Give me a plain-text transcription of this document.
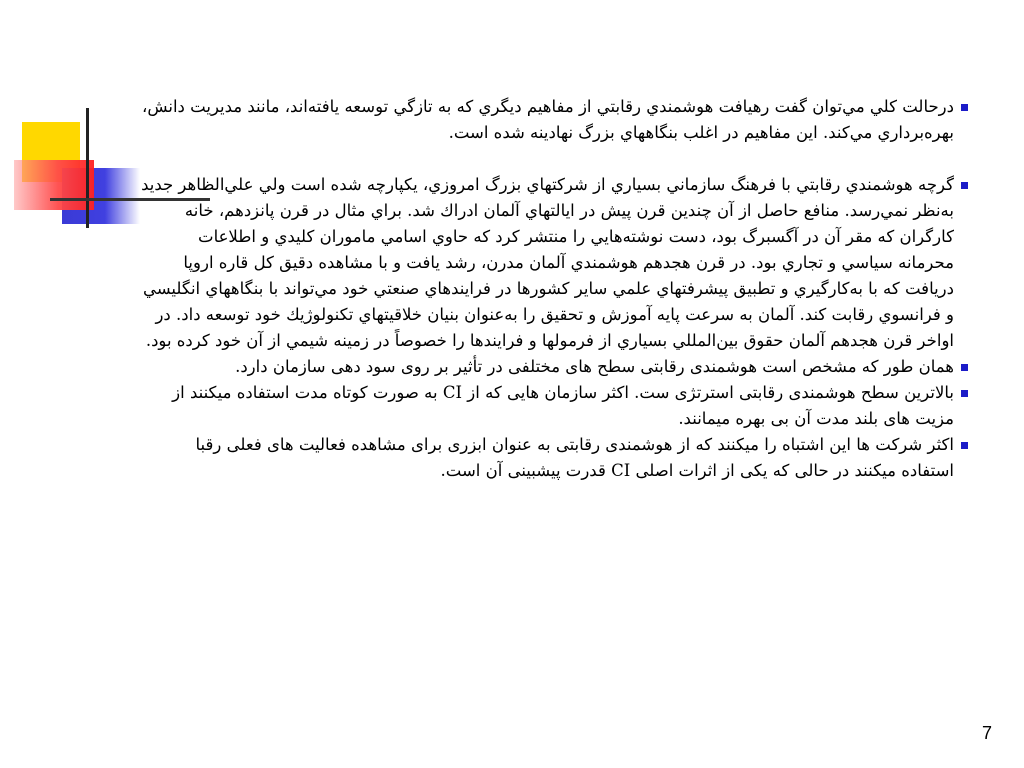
درحالت کلي مي‌توان گفت رهيافت هوشمندي رقابتي از مفاهيم ديگري که به تازگي توسعه يافته‌اند، مانند مديريت دانش، بهره‌برداري مي‌کند. اين مفاهيم در اغلب بنگاههاي بزرگ نهادينه شده است.
گرچه هوشمندي رقابتي با فرهنگ سازماني بسياري از شرکتهاي بزرگ امروزي، يکپارچه شده است ولي علي‌الظاهر جديد به‌نظر نمي‌رسد. منافع حاصل از آن چندين قرن پيش در ايالتهاي آلمان ادراك شد. براي مثال در قرن پانزدهم، خانه کارگران که مقر آن در آگسبرگ بود، دست نوشته‌هايي را منتشر کرد که حاوي اسامي ماموران کليدي و اطلاعات محرمانه سياسي و تجاري بود. در قرن هجدهم هوشمندي آلمان مدرن، رشد يافت و با مشاهده دقيق کل قاره اروپا دريافت که با به‌کارگيري و تطبيق پيشرفتهاي علمي ساير کشورها در فرايندهاي صنعتي خود مي‌تواند با بنگاههاي انگليسي و فرانسوي رقابت کند. آلمان به سرعت پايه آموزش و تحقيق را به‌عنوان بنيان خلاقيتهاي تکنولوژيك خود توسعه داد. در اواخر قرن هجدهم آلمان حقوق بين‌المللي بسياري از فرمولها و فرايندها را خصوصاً در زمينه شيمي از آن خود کرده بود.
همان طور که مشخص است هوشمندی رقابتی سطح های مختلفی در تأثیر بر روی سود دهی سازمان دارد.
بالاترین سطح هوشمندی رقابتی استرتژی ست. اکثر سازمان هایی که از CI به صورت کوتاه مدت استفاده میکنند از مزیت های بلند مدت آن بی بهره میمانند.
اکثر شرکت ها این اشتباه را میکنند که از هوشمندی رقابتی به عنوان ابزری برای مشاهده فعالیت های فعلی رقبا استفاده میکنند در حالی که یکی از اثرات اصلی CI قدرت پیشبینی آن است.
7
